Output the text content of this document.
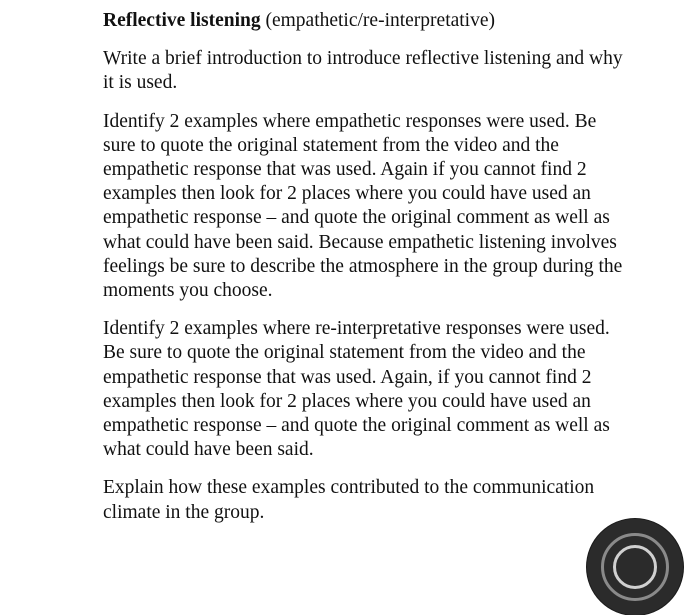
Reflective listening (empathetic/re-interpretative)

Write a brief introduction to introduce reflective listening and why it is used.

Identify 2 examples where empathetic responses were used. Be sure to quote the original statement from the video and the empathetic response that was used. Again if you cannot find 2 examples then look for 2 places where you could have used an empathetic response – and quote the original comment as well as what could have been said. Because empathetic listening involves feelings be sure to describe the atmosphere in the group during the moments you choose.

Identify 2 examples where re-interpretative responses were used. Be sure to quote the original statement from the video and the empathetic response that was used. Again, if you cannot find 2 examples then look for 2 places where you could have used an empathetic response – and quote the original comment as well as what could have been said.

Explain how these examples contributed to the communication climate in the group.
